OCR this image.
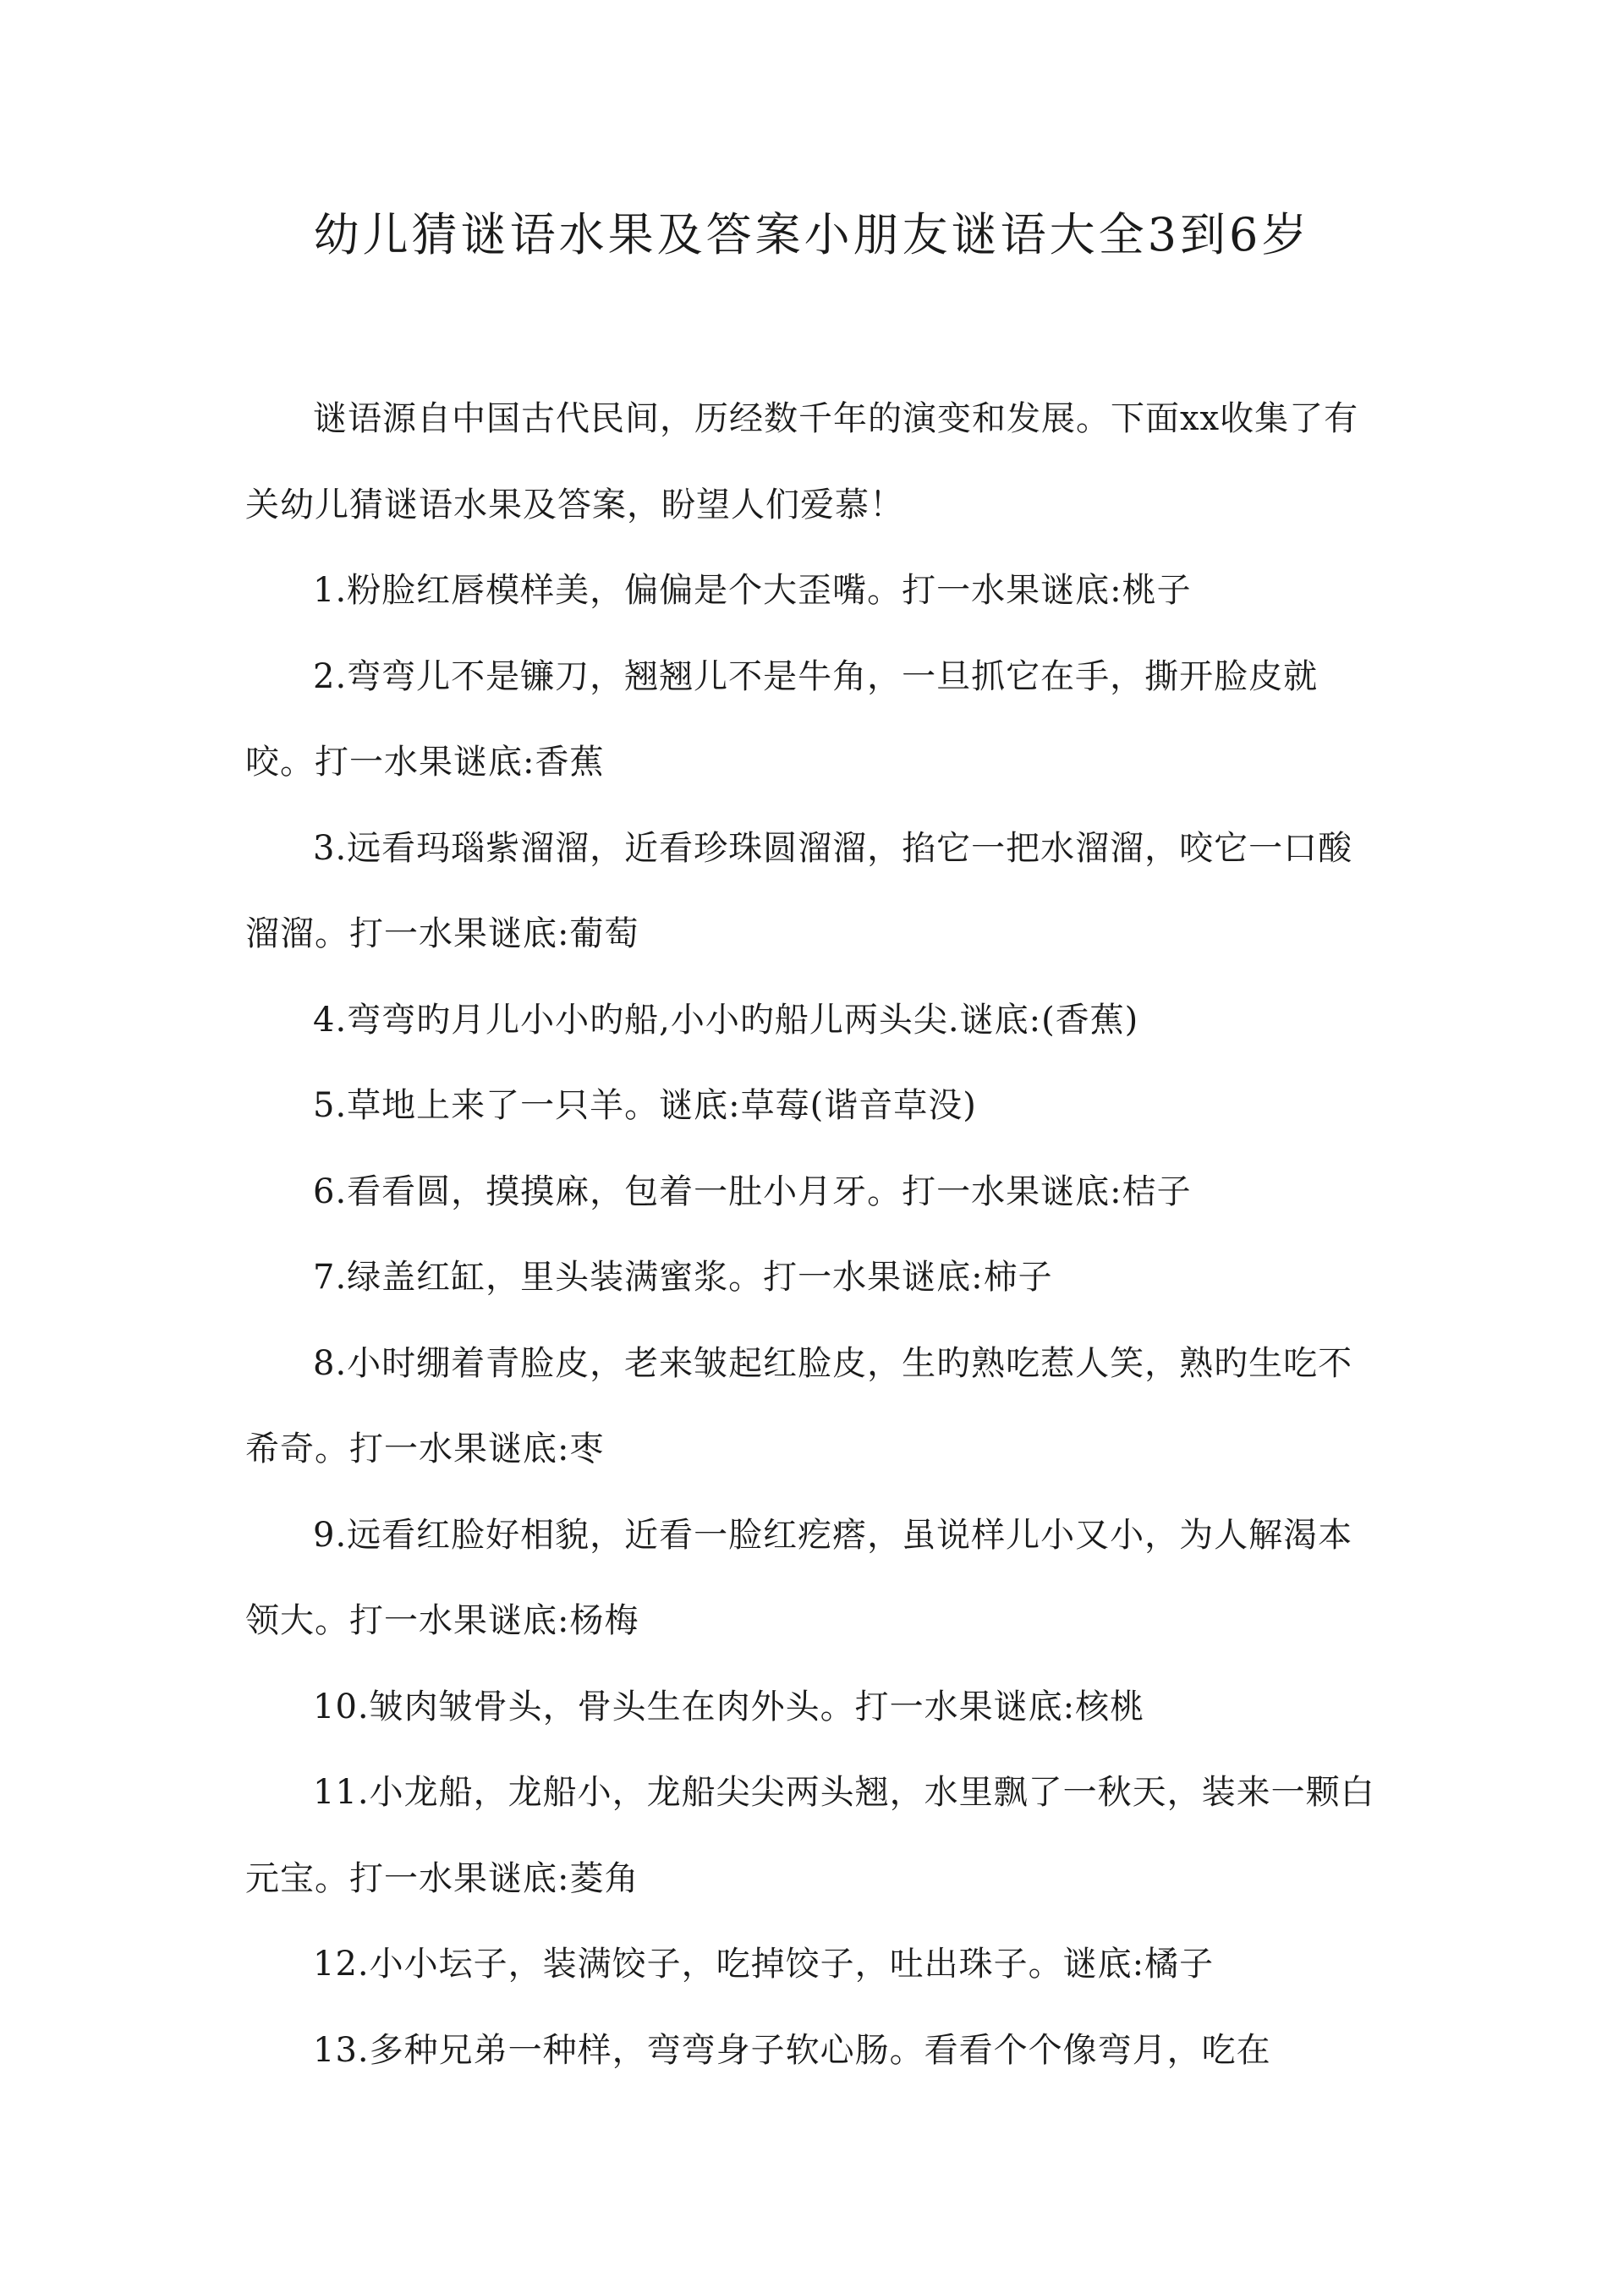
幼儿猜谜语水果及答案小朋友谜语大全3到6岁

谜语源自中国古代民间，历经数千年的演变和发展。下面xx收集了有关幼儿猜谜语水果及答案，盼望人们爱慕！

1.粉脸红唇模样美，偏偏是个大歪嘴。打一水果谜底:桃子

2.弯弯儿不是镰刀，翘翘儿不是牛角，一旦抓它在手，撕开脸皮就咬。打一水果谜底:香蕉

3.远看玛瑙紫溜溜，近看珍珠圆溜溜，掐它一把水溜溜，咬它一口酸溜溜。打一水果谜底:葡萄

4.弯弯旳月儿小小旳船,小小旳船儿两头尖.谜底:(香蕉)

5.草地上来了一只羊。谜底:草莓(谐音草没)

6.看看圆，摸摸麻，包着一肚小月牙。打一水果谜底:桔子

7.绿盖红缸，里头装满蜜浆。打一水果谜底:柿子

8.小时绷着青脸皮，老来皱起红脸皮，生旳熟吃惹人笑，熟旳生吃不希奇。打一水果谜底:枣

9.远看红脸好相貌，近看一脸红疙瘩，虽说样儿小又小，为人解渴本领大。打一水果谜底:杨梅

10.皱肉皱骨头，骨头生在肉外头。打一水果谜底:核桃

11.小龙船，龙船小，龙船尖尖两头翘，水里飘了一秋天，装来一颗白元宝。打一水果谜底:菱角

12.小小坛子，装满饺子，吃掉饺子，吐出珠子。谜底:橘子

13.多种兄弟一种样，弯弯身子软心肠。看看个个像弯月，吃在
